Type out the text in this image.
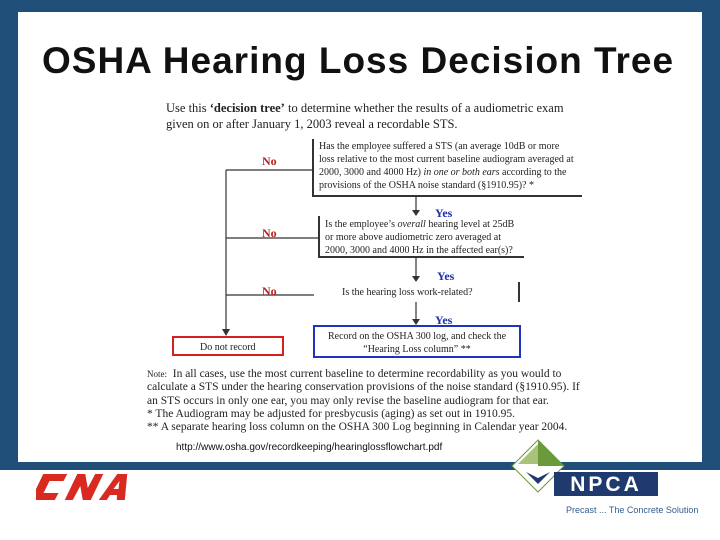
OSHA Hearing Loss Decision Tree
Use this ‘decision tree’ to determine whether the results of a audiometric exam given on or after January 1, 2003 reveal a recordable STS.
Has the employee suffered a STS (an average 10dB or more loss relative to the most current baseline audiogram averaged at 2000, 3000 and 4000 Hz) in one or both ears according to the provisions of the OSHA noise standard (§1910.95)? *
Is the employee’s overall hearing level at 25dB or more above audiometric zero averaged at 2000, 3000 and 4000 Hz in the affected ear(s)?
Is the hearing loss work-related?
Record on the OSHA 300 log, and check the “Hearing Loss column” **
Do not record
No
No
No
Yes
Yes
Yes

Note: In all cases, use the most current baseline to determine recordability as you would to calculate a STS under the hearing conservation provisions of the noise standard (§1910.95). If an STS occurs in only one ear, you may only revise the baseline audiogram for that ear.

* The Audiogram may be adjusted for presbycusis (aging) as set out in 1910.95.

** A separate hearing loss column on the OSHA 300 Log beginning in Calendar year 2004.

http://www.osha.gov/recordkeeping/hearinglossflowchart.pdf
NPCA
Precast ... The Concrete Solution
